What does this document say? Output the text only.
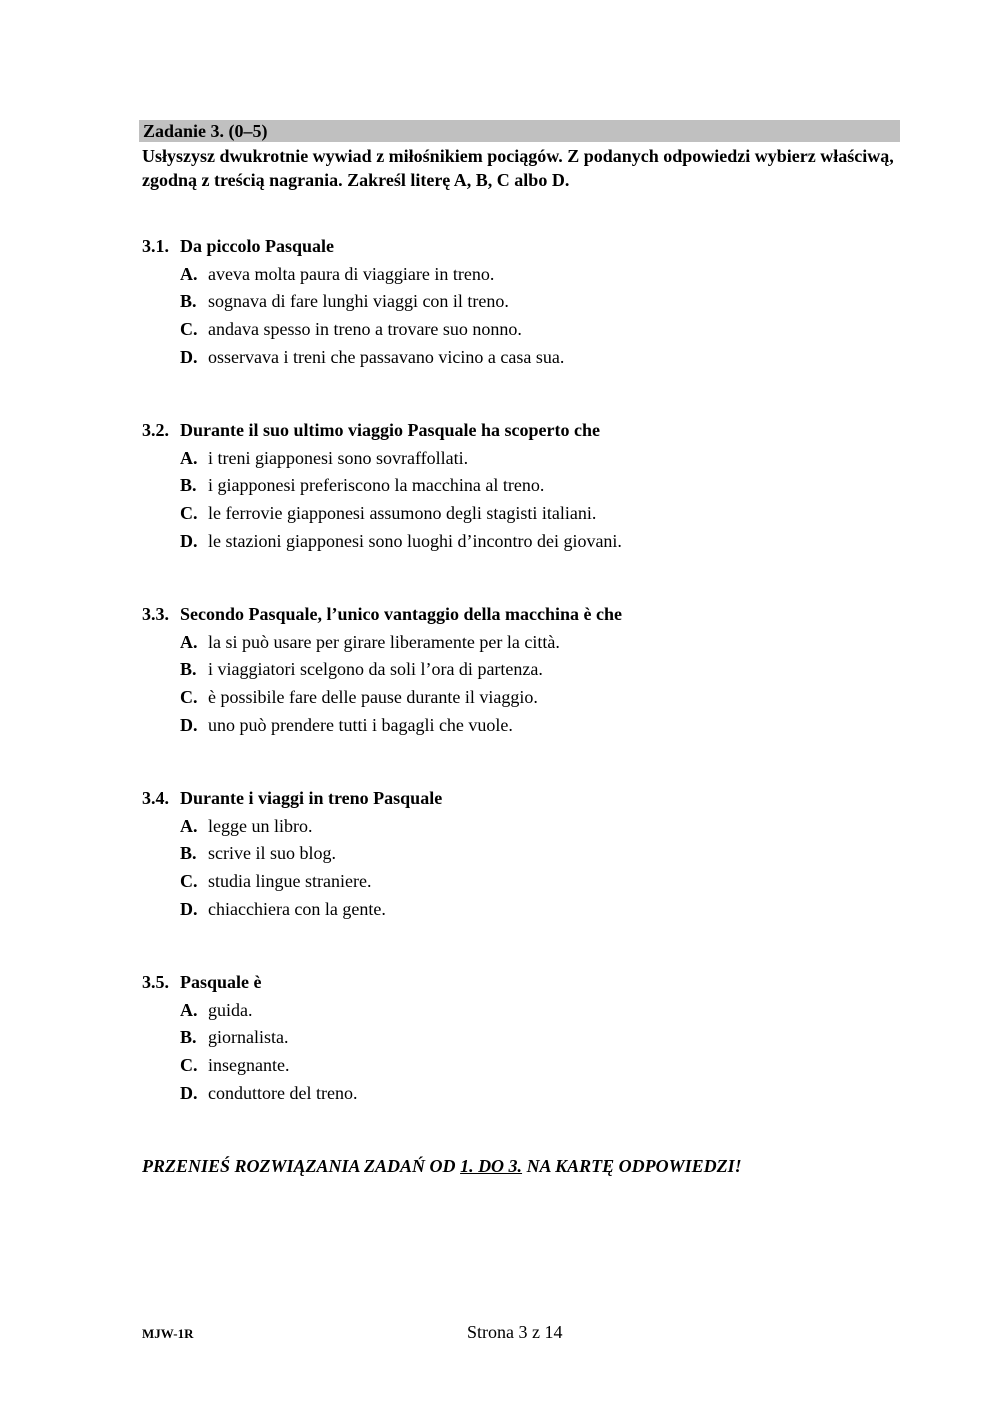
Zadanie 3. (0–5)

Usłyszysz dwukrotnie wywiad z miłośnikiem pociągów. Z podanych odpowiedzi wybierz właściwą, zgodną z treścią nagrania. Zakreśl literę A, B, C albo D.

3.1. Da piccolo Pasquale
A. aveva molta paura di viaggiare in treno.
B. sognava di fare lunghi viaggi con il treno.
C. andava spesso in treno a trovare suo nonno.
D. osservava i treni che passavano vicino a casa sua.
3.2. Durante il suo ultimo viaggio Pasquale ha scoperto che
A. i treni giapponesi sono sovraffollati.
B. i giapponesi preferiscono la macchina al treno.
C. le ferrovie giapponesi assumono degli stagisti italiani.
D. le stazioni giapponesi sono luoghi d’incontro dei giovani.
3.3. Secondo Pasquale, l’unico vantaggio della macchina è che
A. la si può usare per girare liberamente per la città.
B. i viaggiatori scelgono da soli l’ora di partenza.
C. è possibile fare delle pause durante il viaggio.
D. uno può prendere tutti i bagagli che vuole.
3.4. Durante i viaggi in treno Pasquale
A. legge un libro.
B. scrive il suo blog.
C. studia lingue straniere.
D. chiacchiera con la gente.
3.5. Pasquale è
A. guida.
B. giornalista.
C. insegnante.
D. conduttore del treno.
PRZENIEŚ ROZWIĄZANIA ZADAŃ OD 1. DO 3. NA KARTĘ ODPOWIEDZI!
MJW-1R	Strona 3 z 14
